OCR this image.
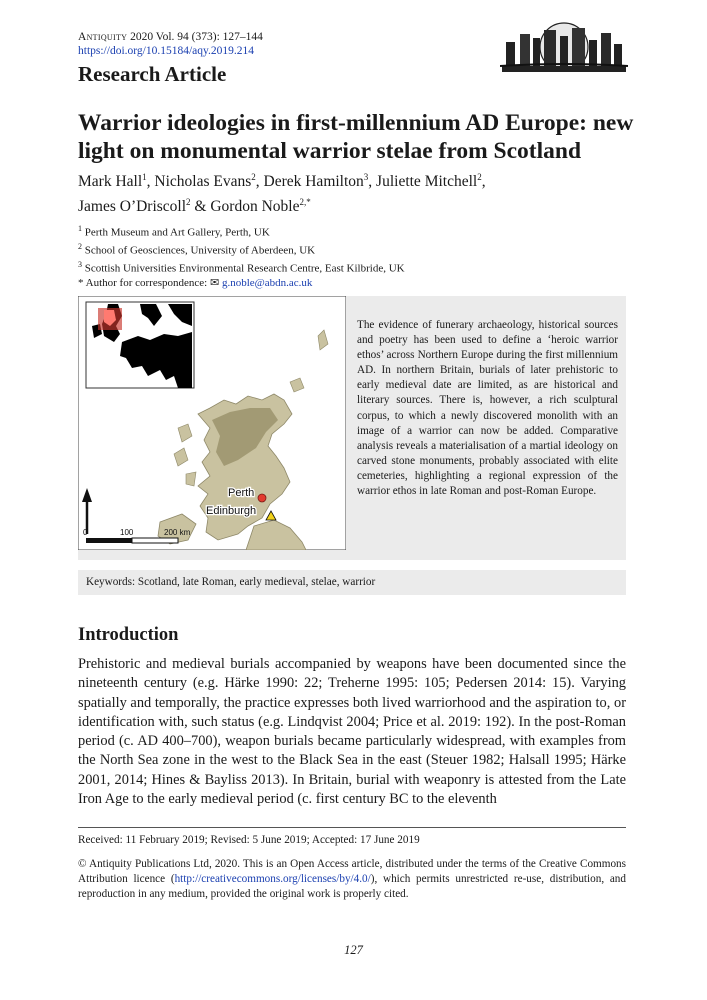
Antiquity 2020 Vol. 94 (373): 127–144
https://doi.org/10.15184/aqy.2019.214
Research Article
Warrior ideologies in first-millennium AD Europe: new light on monumental warrior stelae from Scotland
Mark Hall$^1$, Nicholas Evans$^2$, Derek Hamilton$^3$, Juliette Mitchell$^2$,
James O’Driscoll$^2$ & Gordon Noble$^{2,*}$
$^1$ Perth Museum and Art Gallery, Perth, UK
$^2$ School of Geosciences, University of Aberdeen, UK
$^3$ Scottish Universities Environmental Research Centre, East Kilbride, UK
* Author for correspondence: ✉ g.noble@abdn.ac.uk
0	100	200 km
Perth
Edinburgh
The evidence of funerary archaeology, historical sources and poetry has been used to define a ‘heroic warrior ethos’ across Northern Europe during the first millennium AD. In northern Britain, burials of later prehistoric to early medieval date are limited, as are historical and literary sources. There is, however, a rich sculptural corpus, to which a newly discovered monolith with an image of a warrior can now be added. Comparative analysis reveals a materialisation of a martial ideology on carved stone monuments, probably associated with elite cemeteries, highlighting a regional expression of the warrior ethos in late Roman and post-Roman Europe.
Keywords: Scotland, late Roman, early medieval, stelae, warrior
Introduction
Prehistoric and medieval burials accompanied by weapons have been documented since the nineteenth century (e.g. Härke 1990: 22; Treherne 1995: 105; Pedersen 2014: 15). Varying spatially and temporally, the practice expresses both lived warriorhood and the aspiration to, or identification with, such status (e.g. Lindqvist 2004; Price et al. 2019: 192). In the post-Roman period (c. AD 400–700), weapon burials became particularly widespread, with examples from the North Sea zone in the west to the Black Sea in the east (Steuer 1982; Halsall 1995; Härke 2001, 2014; Hines & Bayliss 2013). In Britain, burial with weaponry is attested from the Late Iron Age to the early medieval period (c. first century BC to the eleventh
Received: 11 February 2019; Revised: 5 June 2019; Accepted: 17 June 2019
© Antiquity Publications Ltd, 2020. This is an Open Access article, distributed under the terms of the Creative Commons Attribution licence (http://creativecommons.org/licenses/by/4.0/), which permits unrestricted re-use, distribution, and reproduction in any medium, provided the original work is properly cited.
127
